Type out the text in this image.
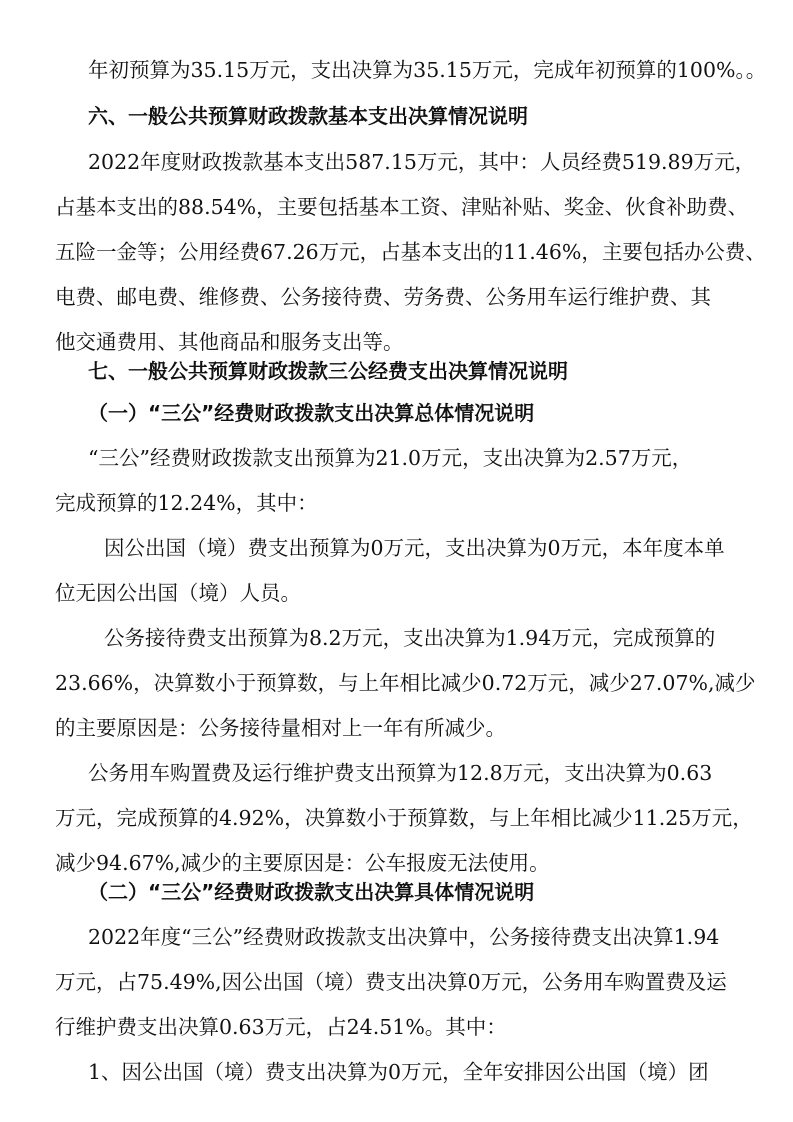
年初预算为35.15万元，支出决算为35.15万元，完成年初预算的100%。。
六、一般公共预算财政拨款基本支出决算情况说明
2022年度财政拨款基本支出587.15万元，其中：人员经费519.89万元，
占基本支出的88.54%，主要包括基本工资、津贴补贴、奖金、伙食补助费、
五险一金等；公用经费67.26万元，占基本支出的11.46%，主要包括办公费、
电费、邮电费、维修费、公务接待费、劳务费、公务用车运行维护费、其
他交通费用、其他商品和服务支出等。
七、一般公共预算财政拨款三公经费支出决算情况说明
（一）“三公”经费财政拨款支出决算总体情况说明
“三公”经费财政拨款支出预算为21.0万元，支出决算为2.57万元，
完成预算的12.24%，其中：
因公出国（境）费支出预算为0万元，支出决算为0万元，本年度本单
位无因公出国（境）人员。
公务接待费支出预算为8.2万元，支出决算为1.94万元，完成预算的
23.66%，决算数小于预算数，与上年相比减少0.72万元，减少27.07%,减少
的主要原因是：公务接待量相对上一年有所减少。
公务用车购置费及运行维护费支出预算为12.8万元，支出决算为0.63
万元，完成预算的4.92%，决算数小于预算数，与上年相比减少11.25万元，
减少94.67%,减少的主要原因是：公车报废无法使用。
（二）“三公”经费财政拨款支出决算具体情况说明
2022年度“三公”经费财政拨款支出决算中，公务接待费支出决算1.94
万元，占75.49%,因公出国（境）费支出决算0万元，公务用车购置费及运
行维护费支出决算0.63万元，占24.51%。其中：
1、因公出国（境）费支出决算为0万元，全年安排因公出国（境）团
